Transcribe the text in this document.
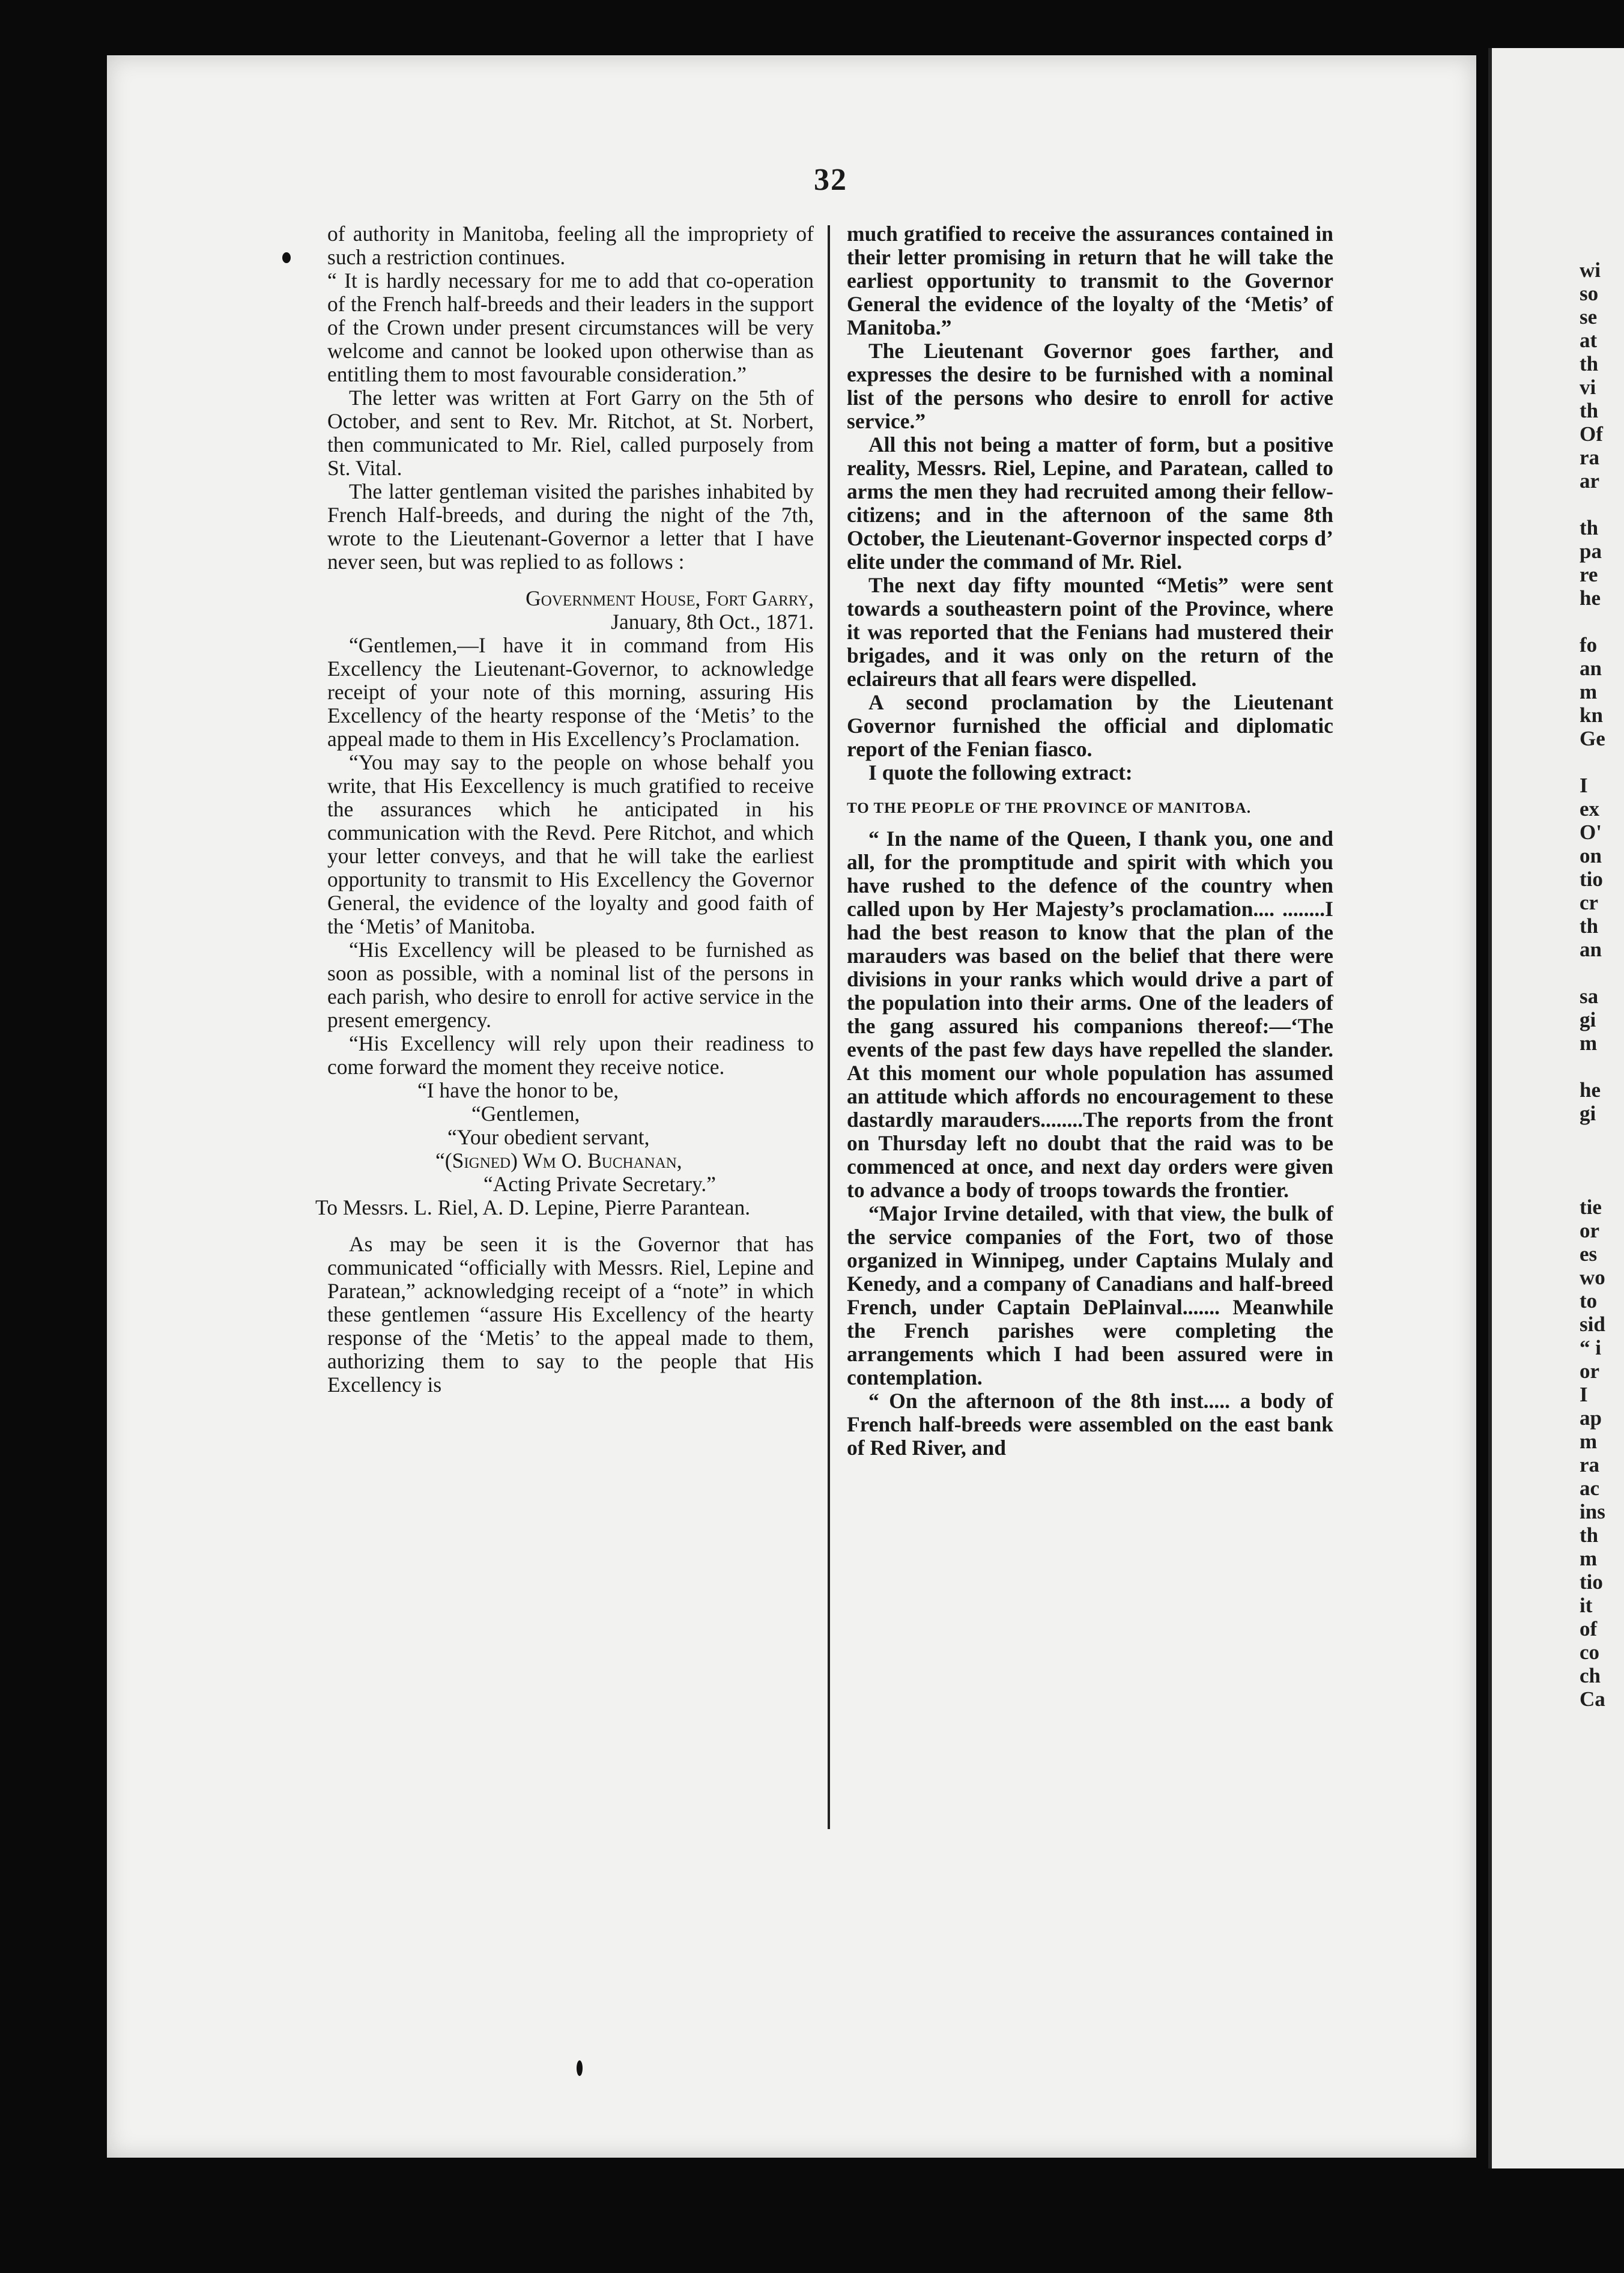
32

of authority in Manitoba, feeling all the impropriety of such a restriction continues.

“ It is hardly necessary for me to add that co-operation of the French half-breeds and their leaders in the support of the Crown under present circumstances will be very welcome and cannot be looked upon otherwise than as entitling them to most favourable consideration.”

The letter was written at Fort Garry on the 5th of October, and sent to Rev. Mr. Ritchot, at St. Norbert, then communicated to Mr. Riel, called purposely from St. Vital.

The latter gentleman visited the parishes inhabited by French Half-breeds, and during the night of the 7th, wrote to the Lieutenant-Governor a letter that I have never seen, but was replied to as follows :

Government House, Fort Garry,

January, 8th Oct., 1871.

“Gentlemen,—I have it in command from His Excellency the Lieutenant-Governor, to acknowledge receipt of your note of this morning, assuring His Excellency of the hearty response of the ‘Metis’ to the appeal made to them in His Excellency’s Proclamation.

“You may say to the people on whose behalf you write, that His Eexcellency is much gratified to receive the assurances which he anticipated in his communication with the Revd. Pere Ritchot, and which your letter conveys, and that he will take the earliest opportunity to transmit to His Excellency the Governor General, the evidence of the loyalty and good faith of the ‘Metis’ of Manitoba.

“His Excellency will be pleased to be furnished as soon as possible, with a nominal list of the persons in each parish, who desire to enroll for active service in the present emergency.

“His Excellency will rely upon their readiness to come forward the moment they receive notice.

“I have the honor to be,

“Gentlemen,

“Your obedient servant,

“(Signed) Wm O. Buchanan,

“Acting Private Secretary.”

To Messrs. L. Riel, A. D. Lepine, Pierre Parantean.

As may be seen it is the Governor that has communicated “officially with Messrs. Riel, Lepine and Paratean,” acknowledging receipt of a “note” in which these gentlemen “assure His Excellency of the hearty response of the ‘Metis’ to the appeal made to them, authorizing them to say to the people that His Excellency is

much gratified to receive the assurances contained in their letter promising in return that he will take the earliest opportunity to transmit to the Governor General the evidence of the loyalty of the ‘Metis’ of Manitoba.”

The Lieutenant Governor goes farther, and expresses the desire to be furnished with a nominal list of the persons who desire to enroll for active service.”

All this not being a matter of form, but a positive reality, Messrs. Riel, Lepine, and Paratean, called to arms the men they had recruited among their fellow-citizens; and in the afternoon of the same 8th October, the Lieutenant-Governor inspected corps d’ elite under the command of Mr. Riel.

The next day fifty mounted “Metis” were sent towards a southeastern point of the Province, where it was reported that the Fenians had mustered their brigades, and it was only on the return of the eclaireurs that all fears were dispelled.

A second proclamation by the Lieutenant Governor furnished the official and diplomatic report of the Fenian fiasco.

I quote the following extract:

TO THE PEOPLE OF THE PROVINCE OF MANITOBA.

“ In the name of the Queen, I thank you, one and all, for the promptitude and spirit with which you have rushed to the defence of the country when called upon by Her Majesty’s proclamation.... ........I had the best reason to know that the plan of the marauders was based on the belief that there were divisions in your ranks which would drive a part of the population into their arms. One of the leaders of the gang assured his companions thereof:—‘The events of the past few days have repelled the slander. At this moment our whole population has assumed an attitude which affords no encouragement to these dastardly marauders........The reports from the front on Thursday left no doubt that the raid was to be commenced at once, and next day orders were given to advance a body of troops towards the frontier.

“Major Irvine detailed, with that view, the bulk of the service companies of the Fort, two of those organized in Winnipeg, under Captains Mulaly and Kenedy, and a company of Canadians and half-breed French, under Captain DePlainval....... Meanwhile the French parishes were completing the arrangements which I had been assured were in contemplation.

“ On the afternoon of the 8th inst..... a body of French half-breeds were assembled on the east bank of Red River, and

wi
so
se
at
th
vi
th
Of
ra
ar
th
pa
re
he
fo
an
m
kn
Ge
I
ex
O'
on
tio
cr
th
an
sa
gi
m
he
gi
tie
or
es
wo
to
sid
“ i
or
I
ap
m
ra
ac
ins
th
m
tio
it
of
co
ch
Ca
